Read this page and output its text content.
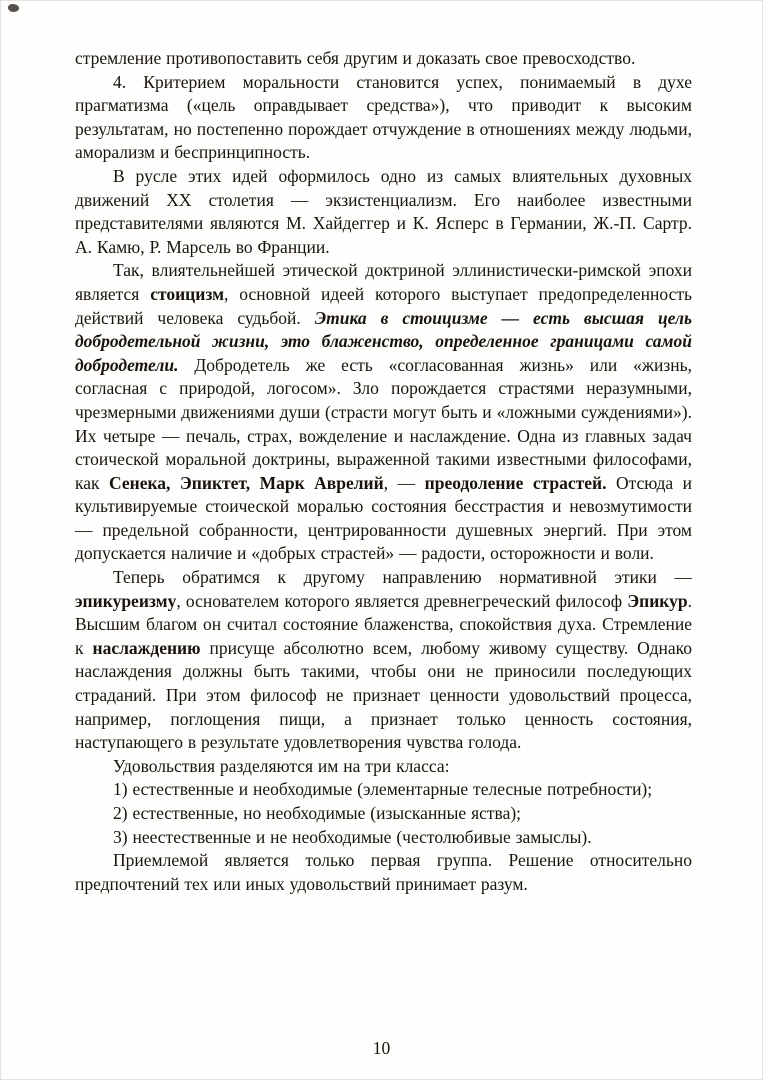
стремление противопоставить себя другим и доказать свое превосходство.

4. Критерием моральности становится успех, понимаемый в духе прагматизма («цель оправдывает средства»), что приводит к высоким результатам, но постепенно порождает отчуждение в отношениях между людьми, аморализм и беспринципность.

В русле этих идей оформилось одно из самых влиятельных духовных движений XX столетия — экзистенциализм. Его наиболее известными представителями являются М. Хайдеггер и К. Ясперс в Германии, Ж.-П. Сартр. А. Камю, Р. Марсель во Франции.

Так, влиятельнейшей этической доктриной эллинистически-римской эпохи является стоицизм, основной идеей которого выступает предопределенность действий человека судьбой. Этика в стоицизме — есть высшая цель добродетельной жизни, это блаженство, определенное границами самой добродетели. Добродетель же есть «согласованная жизнь» или «жизнь, согласная с природой, логосом». Зло порождается страстями неразумными, чрезмерными движениями души (страсти могут быть и «ложными суждениями»). Их четыре — печаль, страх, вожделение и наслаждение. Одна из главных задач стоической моральной доктрины, выраженной такими известными философами, как Сенека, Эпиктет, Марк Аврелий, — преодоление страстей. Отсюда и культивируемые стоической моралью состояния бесстрастия и невозмутимости — предельной собранности, центрированности душевных энергий. При этом допускается наличие и «добрых страстей» — радости, осторожности и воли.

Теперь обратимся к другому направлению нормативной этики — эпикуреизму, основателем которого является древнегреческий философ Эпикур. Высшим благом он считал состояние блаженства, спокойствия духа. Стремление к наслаждению присуще абсолютно всем, любому живому существу. Однако наслаждения должны быть такими, чтобы они не приносили последующих страданий. При этом философ не признает ценности удовольствий процесса, например, поглощения пищи, а признает только ценность состояния, наступающего в результате удовлетворения чувства голода.

Удовольствия разделяются им на три класса:

1) естественные и необходимые (элементарные телесные потребности);

2) естественные, но необходимые (изысканные яства);

3) неестественные и не необходимые (честолюбивые замыслы).

Приемлемой является только первая группа. Решение относительно предпочтений тех или иных удовольствий принимает разум.

10
